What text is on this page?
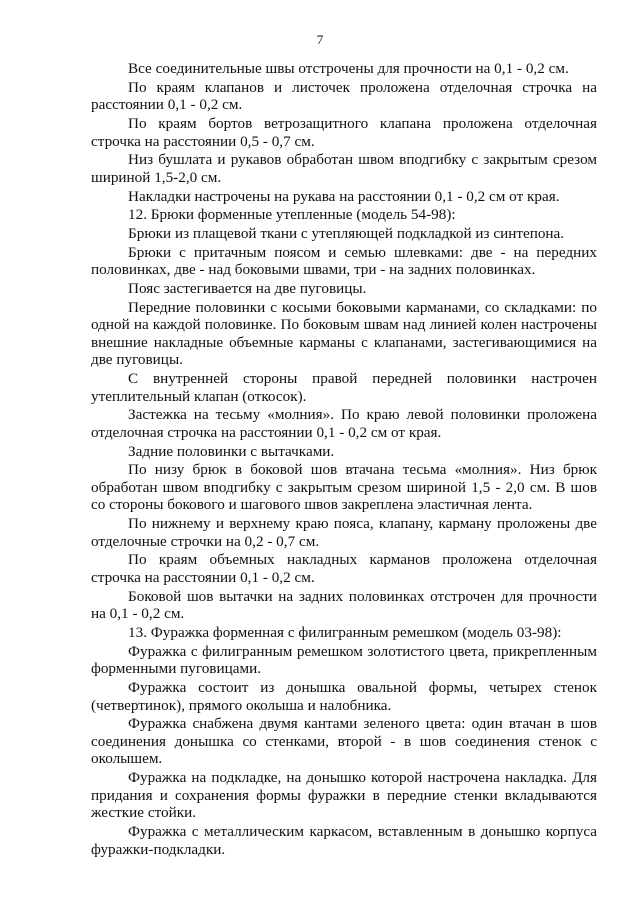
7

Все соединительные швы отстрочены для прочности на 0,1 - 0,2 см.

По краям клапанов и листочек проложена отделочная строчка на расстоянии 0,1 - 0,2 см.

По краям бортов ветрозащитного клапана проложена отделочная строчка на расстоянии 0,5 - 0,7 см.

Низ бушлата и рукавов обработан швом вподгибку с закрытым срезом шириной 1,5-2,0 см.

Накладки настрочены на рукава на расстоянии 0,1 - 0,2 см от края.

12. Брюки форменные утепленные (модель 54-98):

Брюки из плащевой ткани с утепляющей подкладкой из синтепона.

Брюки с притачным поясом и семью шлевками: две - на передних половинках, две - над боковыми швами, три - на задних половинках.

Пояс застегивается на две пуговицы.

Передние половинки с косыми боковыми карманами, со складками: по одной на каждой половинке. По боковым швам над линией колен настрочены внешние накладные объемные карманы с клапанами, застегивающимися на две пуговицы.

С внутренней стороны правой передней половинки настрочен утеплительный клапан (откосок).

Застежка на тесьму «молния». По краю левой половинки проложена отделочная строчка на расстоянии 0,1 - 0,2 см от края.

Задние половинки с вытачками.

По низу брюк в боковой шов втачана тесьма «молния». Низ брюк обработан швом вподгибку с закрытым срезом шириной 1,5 - 2,0 см. В шов со стороны бокового и шагового швов закреплена эластичная лента.

По нижнему и верхнему краю пояса, клапану, карману проложены две отделочные строчки на 0,2 - 0,7 см.

По краям объемных накладных карманов проложена отделочная строчка на расстоянии 0,1 - 0,2 см.

Боковой шов вытачки на задних половинках отстрочен для прочности на 0,1 - 0,2 см.

13. Фуражка форменная с филигранным ремешком (модель 03-98):

Фуражка с филигранным ремешком золотистого цвета, прикрепленным форменными пуговицами.

Фуражка состоит из донышка овальной формы, четырех стенок (четвертинок), прямого околыша и налобника.

Фуражка снабжена двумя кантами зеленого цвета: один втачан в шов соединения донышка со стенками, второй - в шов соединения стенок с околышем.

Фуражка на подкладке, на донышко которой настрочена накладка. Для придания и сохранения формы фуражки в передние стенки вкладываются жесткие стойки.

Фуражка с металлическим каркасом, вставленным в донышко корпуса фуражки-подкладки.
